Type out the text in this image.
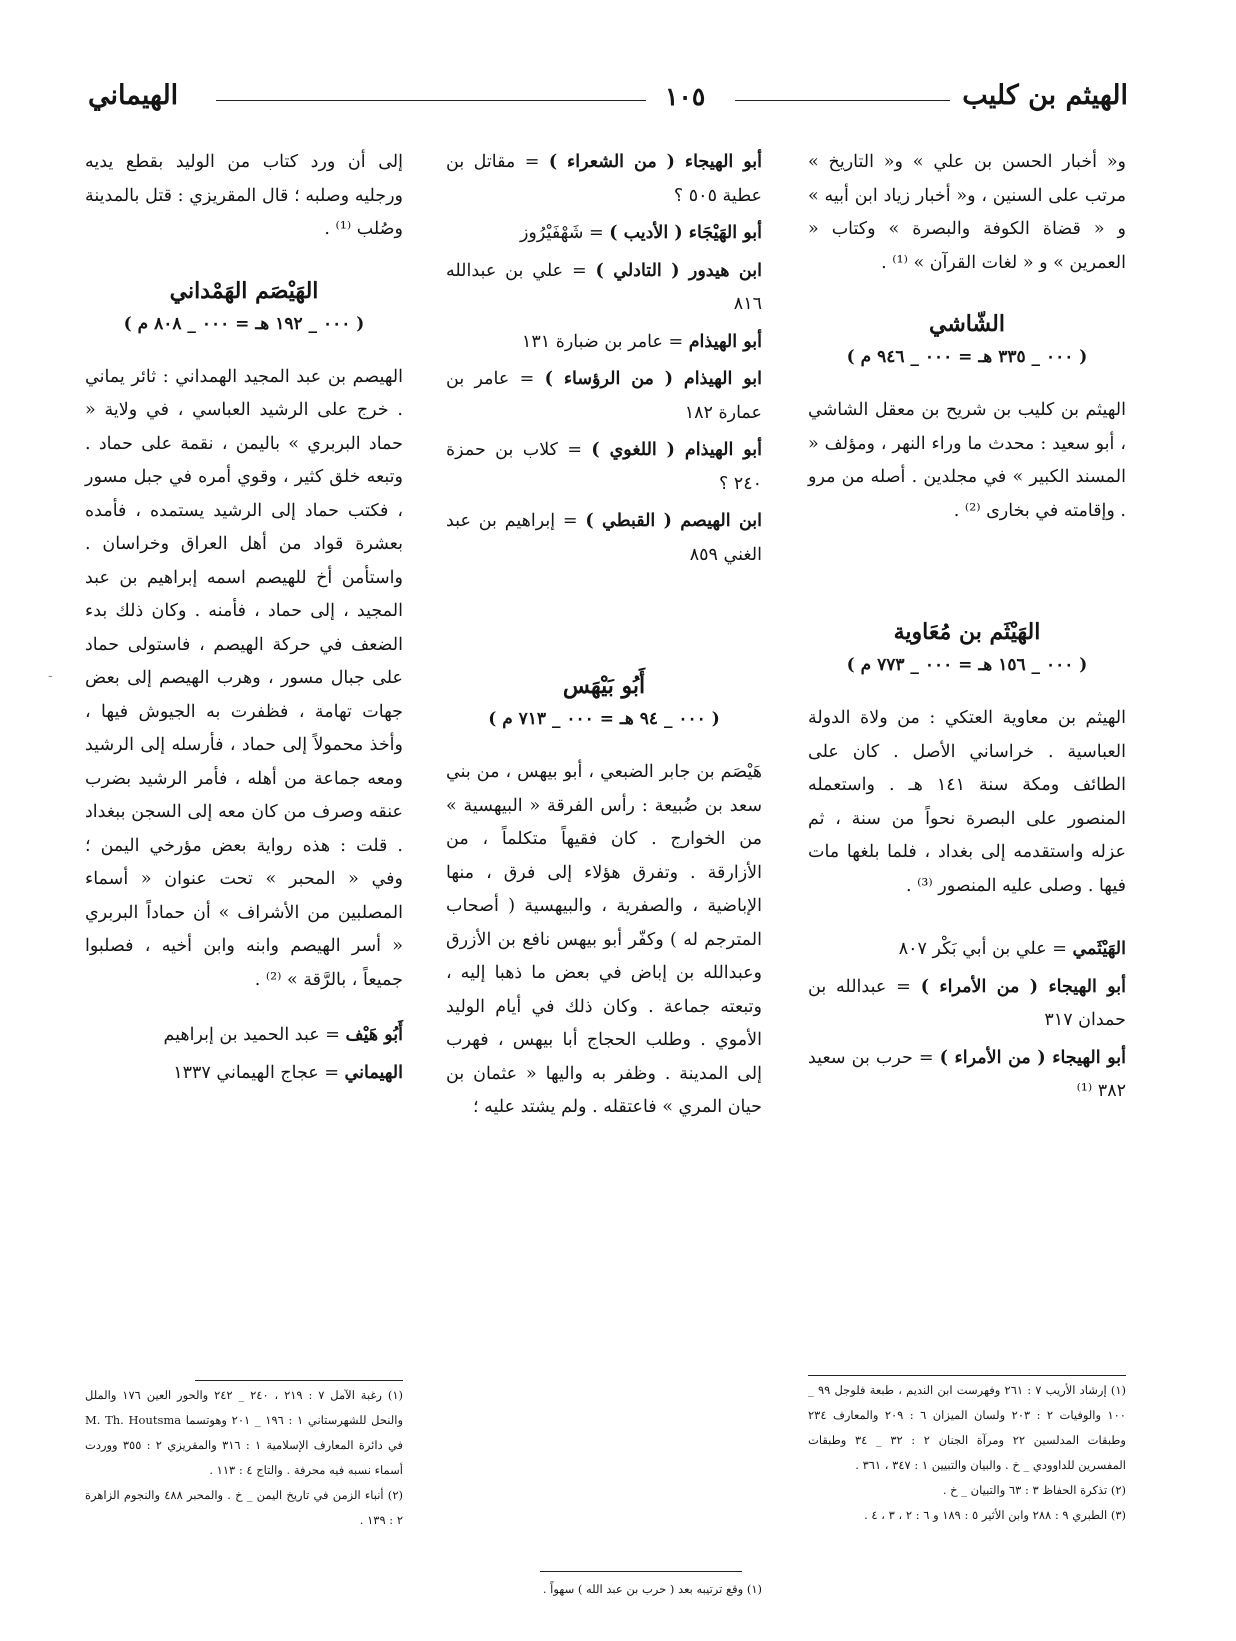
الهيثم بن كليب
١٠٥
الهيماني

و« أخبار الحسن بن علي » و« التاريخ » مرتب على السنين ، و« أخبار زياد ابن أبيه » و « قضاة الكوفة والبصرة » وكتاب « العمرين » و « لغات القرآن » ⁽¹⁾ .

الشّاشي

( ٠٠٠ _ ٣٣٥ هـ = ٠٠٠ _ ٩٤٦ م )

الهيثم بن كليب بن شريح بن معقل الشاشي ، أبو سعيد : محدث ما وراء النهر ، ومؤلف « المسند الكبير » في مجلدين . أصله من مرو . وإقامته في بخارى ⁽²⁾ .

الهَيْثَم بن مُعَاوية

( ٠٠٠ _ ١٥٦ هـ = ٠٠٠ _ ٧٧٣ م )

الهيثم بن معاوية العتكي : من ولاة الدولة العباسية . خراساني الأصل . كان على الطائف ومكة سنة ١٤١ هـ . واستعمله المنصور على البصرة نحواً من سنة ، ثم عزله واستقدمه إلى بغداد ، فلما بلغها مات فيها . وصلى عليه المنصور ⁽³⁾ .

الهَيْثَمي = علي بن أبي بَكْر ٨٠٧

أبو الهيجاء ( من الأمراء ) = عبدالله بن حمدان ٣١٧

أبو الهيجاء ( من الأمراء ) = حرب بن سعيد ٣٨٢ ⁽¹⁾

أبو الهيجاء ( من الشعراء ) = مقاتل بن عطية ٥٠٥ ؟

أبو الهَيْجَاء ( الأديب ) = شَهْفَيْرُوز

ابن هيدور ( التادلي ) = علي بن عبدالله ٨١٦

أبو الهيذام = عامر بن ضبارة ١٣١

ابو الهيذام ( من الرؤساء ) = عامر بن عمارة ١٨٢

أبو الهيذام ( اللغوي ) = كلاب بن حمزة ٢٤٠ ؟

ابن الهيصم ( القبطي ) = إبراهيم بن عبد الغني ٨٥٩

أَبُو بَيْهَس

( ٠٠٠ _ ٩٤ هـ = ٠٠٠ _ ٧١٣ م )

هَيْصَم بن جابر الضبعي ، أبو بيهس ، من بني سعد بن ضُبيعة : رأس الفرقة « البيهسية » من الخوارج . كان فقيهاً متكلماً ، من الأزارقة . وتفرق هؤلاء إلى فرق ، منها الإباضية ، والصفرية ، والبيهسية ( أصحاب المترجم له ) وكفّر أبو بيهس نافع بن الأزرق وعبدالله بن إباض في بعض ما ذهبا إليه ، وتبعته جماعة . وكان ذلك في أيام الوليد الأموي . وطلب الحجاج أبا بيهس ، فهرب إلى المدينة . وظفر به واليها « عثمان بن حيان المري » فاعتقله . ولم يشتد عليه ؛

إلى أن ورد كتاب من الوليد بقطع يديه ورجليه وصلبه ؛ قال المقريزي : قتل بالمدينة وصُلب ⁽¹⁾ .

الهَيْصَم الهَمْداني

( ٠٠٠ _ ١٩٢ هـ = ٠٠٠ _ ٨٠٨ م )

الهيصم بن عبد المجيد الهمداني : ثائر يماني . خرج على الرشيد العباسي ، في ولاية « حماد البربري » باليمن ، نقمة على حماد . وتبعه خلق كثير ، وقوي أمره في جبل مسور ، فكتب حماد إلى الرشيد يستمده ، فأمده بعشرة قواد من أهل العراق وخراسان . واستأمن أخ للهيصم اسمه إبراهيم بن عبد المجيد ، إلى حماد ، فأمنه . وكان ذلك بدء الضعف في حركة الهيصم ، فاستولى حماد على جبال مسور ، وهرب الهيصم إلى بعض جهات تهامة ، فظفرت به الجيوش فيها ، وأخذ محمولاً إلى حماد ، فأرسله إلى الرشيد ومعه جماعة من أهله ، فأمر الرشيد بضرب عنقه وصرف من كان معه إلى السجن ببغداد . قلت : هذه رواية بعض مؤرخي اليمن ؛ وفي « المحبر » تحت عنوان « أسماء المصلبين من الأشراف » أن حماداً البربري « أسر الهيصم وابنه وابن أخيه ، فصلبوا جميعاً ، بالرَّقة » ⁽²⁾ .

أَبُو هَيْف = عبد الحميد بن إبراهيم

الهيماني = عجاج الهيماني ١٣٣٧

-

(١) إرشاد الأريب ٧ : ٢٦١ وفهرست ابن النديم ، طبعة فلوجل ٩٩ _ ١٠٠ والوفيات ٢ : ٢٠٣ ولسان الميزان ٦ : ٢٠٩ والمعارف ٢٣٤ وطبقات المدلسين ٢٢ ومرآة الجنان ٢ : ٣٢ _ ٣٤ وطبقات المفسرين للداوودي _ خ . والبيان والتبيين ١ : ٣٤٧ ، ٣٦١ .

(٢) تذكرة الحفاظ ٣ : ٦٣ والتبيان _ خ .

(٣) الطبري ٩ : ٢٨٨ وابن الأثير ٥ : ١٨٩ و ٦ : ٢ ، ٣ ، ٤ .

(١) وقع ترتيبه بعد ( حرب بن عبد الله ) سهواً .

(١) رغبة الآمل ٧ : ٢١٩ ، ٢٤٠ _ ٢٤٢ والحور العين ١٧٦ والملل والنحل للشهرستاني ١ : ١٩٦ _ ٢٠١ وهوتسما M. Th. Houtsma في دائرة المعارف الإسلامية ١ : ٣١٦ والمقريزي ٢ : ٣٥٥ ووردت أسماء نسبه فيه محرفة . والتاج ٤ : ١١٣ .

(٢) أنباء الزمن في تاريخ اليمن _ خ . والمحبر ٤٨٨ والنجوم الزاهرة ٢ : ١٣٩ .
